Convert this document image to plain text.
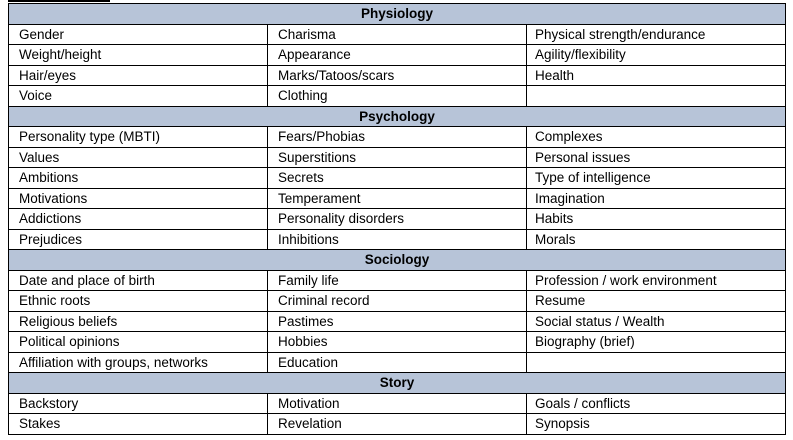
Physiology		
Gender	Charisma	Physical strength/endurance
Weight/height	Appearance	Agility/flexibility
Hair/eyes	Marks/Tatoos/scars	Health
Voice	Clothing	
Psychology		
Personality type (MBTI)	Fears/Phobias	Complexes
Values	Superstitions	Personal issues
Ambitions	Secrets	Type of intelligence
Motivations	Temperament	Imagination
Addictions	Personality disorders	Habits
Prejudices	Inhibitions	Morals
Sociology		
Date and place of birth	Family life	Profession / work environment
Ethnic roots	Criminal record	Resume
Religious beliefs	Pastimes	Social status / Wealth
Political opinions	Hobbies	Biography (brief)
Affiliation with groups, networks	Education	
Story		
Backstory	Motivation	Goals / conflicts
Stakes	Revelation	Synopsis
